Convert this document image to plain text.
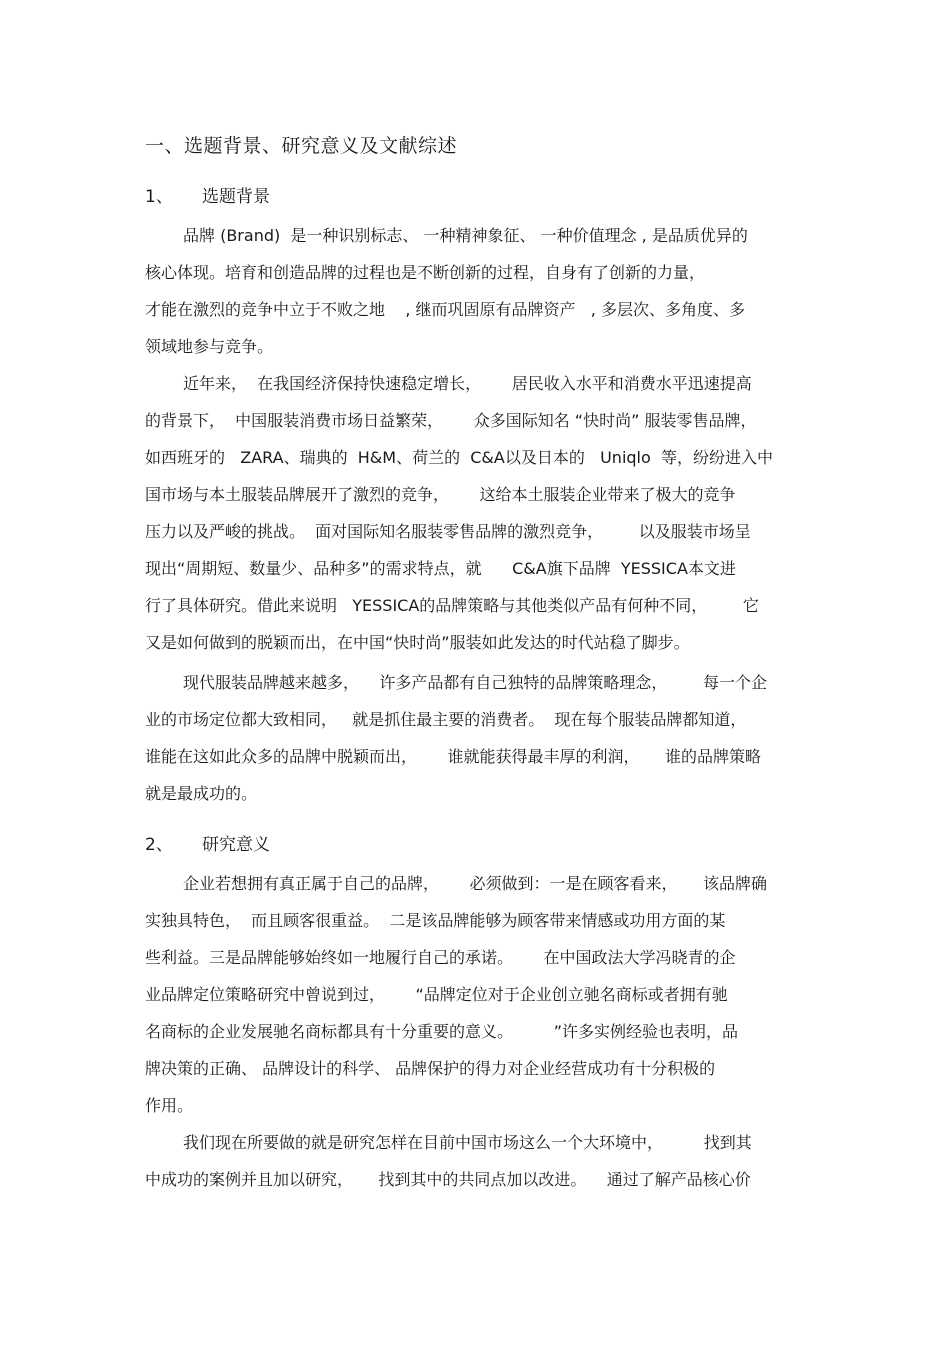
一、选题背景、研究意义及文献综述
1、 选题背景
品牌 (Brand)  是一种识别标志、 一种精神象征、 一种价值理念 , 是品质优异的
核心体现。培育和创造品牌的过程也是不断创新的过程，自身有了创新的力量，
才能在激烈的竞争中立于不败之地    , 继而巩固原有品牌资产   , 多层次、多角度、多
领域地参与竞争。
近年来，  在我国经济保持快速稳定增长，      居民收入水平和消费水平迅速提高
的背景下，  中国服装消费市场日益繁荣，      众多国际知名 “快时尚” 服装零售品牌，
如西班牙的   ZARA、瑞典的  H&M、荷兰的  C&A以及日本的   Uniqlo  等，纷纷进入中
国市场与本土服装品牌展开了激烈的竞争，      这给本土服装企业带来了极大的竞争
压力以及严峻的挑战。  面对国际知名服装零售品牌的激烈竞争，       以及服装市场呈
现出“周期短、数量少、品种多”的需求特点，就      C&A旗下品牌  YESSICA本文进
行了具体研究。借此来说明   YESSICA的品牌策略与其他类似产品有何种不同，       它
又是如何做到的脱颖而出，在中国“快时尚”服装如此发达的时代站稳了脚步。
现代服装品牌越来越多，    许多产品都有自己独特的品牌策略理念，       每一个企
业的市场定位都大致相同，   就是抓住最主要的消费者。  现在每个服装品牌都知道，
谁能在这如此众多的品牌中脱颖而出，      谁就能获得最丰厚的利润，     谁的品牌策略
就是最成功的。
2、 研究意义
企业若想拥有真正属于自己的品牌，      必须做到：一是在顾客看来，     该品牌确
实独具特色，  而且顾客很重益。  二是该品牌能够为顾客带来情感或功用方面的某
些利益。三是品牌能够始终如一地履行自己的承诺。      在中国政法大学冯晓青的企
业品牌定位策略研究中曾说到过，      “品牌定位对于企业创立驰名商标或者拥有驰
名商标的企业发展驰名商标都具有十分重要的意义。        ”许多实例经验也表明，品
牌决策的正确、 品牌设计的科学、 品牌保护的得力对企业经营成功有十分积极的
作用。
我们现在所要做的就是研究怎样在目前中国市场这么一个大环境中，        找到其
中成功的案例并且加以研究，     找到其中的共同点加以改进。    通过了解产品核心价
